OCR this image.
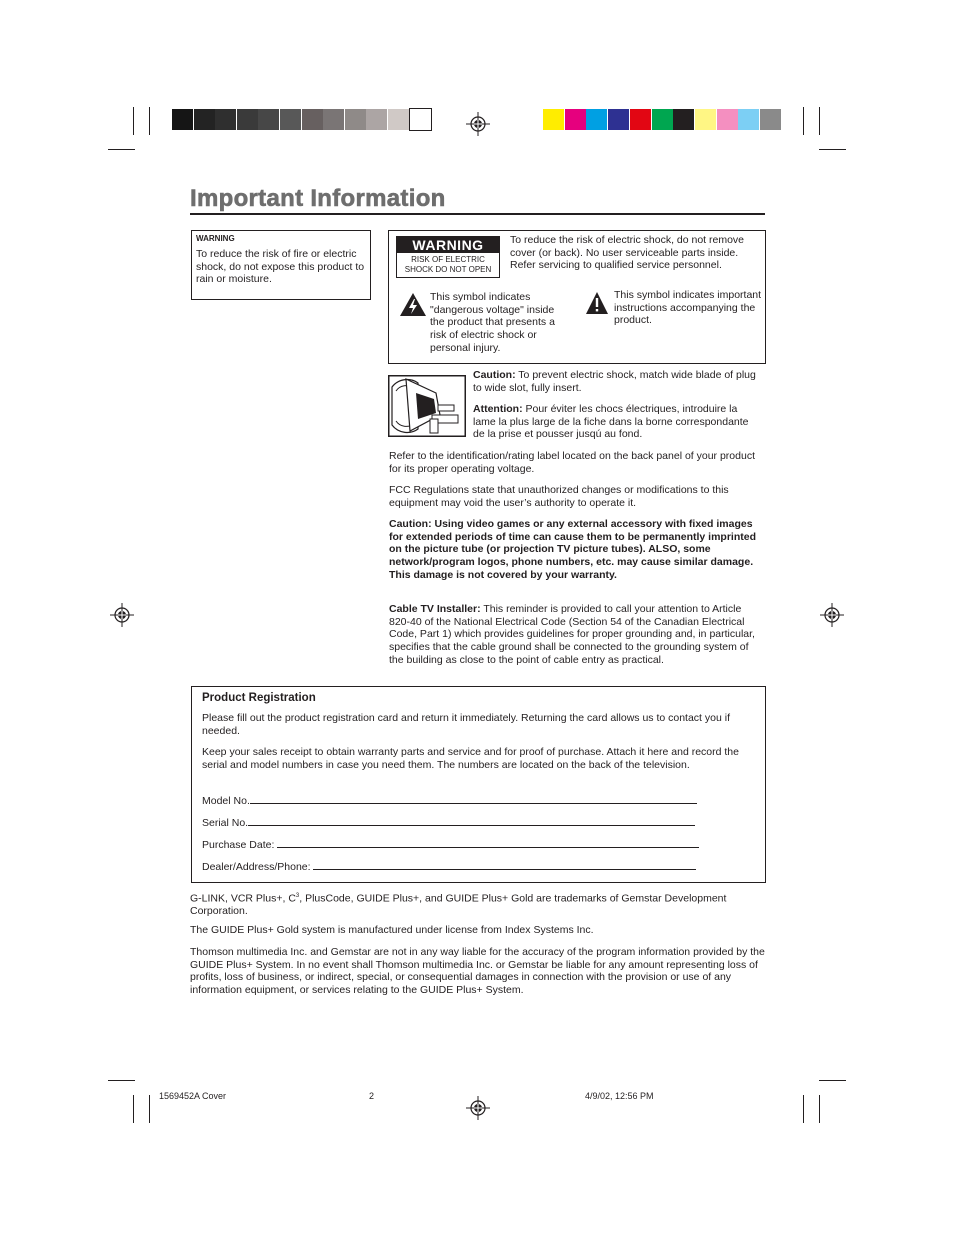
Important Information
WARNING
To reduce the risk of fire or electric shock, do not expose this product to rain or moisture.
WARNING
RISK OF ELECTRIC SHOCK DO NOT OPEN
To reduce the risk of electric shock, do not remove cover (or back). No user serviceable parts inside. Refer servicing to qualified service personnel.
This symbol indicates "dangerous voltage" inside the product that presents a risk of electric shock or personal injury.
This symbol indicates important instructions accompanying the product.
Caution: To prevent electric shock, match wide blade of plug to wide slot, fully insert.
Attention: Pour éviter les chocs électriques, introduire la lame la plus large de la fiche dans la borne correspondante de la prise et pousser jusqú au fond.
Refer to the identification/rating label located on the back panel of your product for its proper operating voltage.
FCC Regulations state that unauthorized changes or modifications to this equipment may void the user’s authority to operate it.
Caution: Using video games or any external accessory with fixed images for extended periods of time can cause them to be permanently imprinted on the picture tube (or projection TV picture tubes). ALSO, some network/program logos, phone numbers, etc. may cause similar damage. This damage is not covered by your warranty.
Cable TV Installer: This reminder is provided to call your attention to Article 820-40 of the National Electrical Code (Section 54 of the Canadian Electrical Code, Part 1) which provides guidelines for proper grounding and, in particular, specifies that the cable ground shall be connected to the grounding system of the building as close to the point of cable entry as practical.
Product Registration
Please fill out the product registration card and return it immediately. Returning the card allows us to contact you if needed.
Keep your sales receipt to obtain warranty parts and service and for proof of purchase. Attach it here and record the serial and model numbers in case you need them. The numbers are located on the back of the television.
Model No.
Serial No.
Purchase Date:
Dealer/Address/Phone:
G-LINK, VCR Plus+, $C^3$, PlusCode, GUIDE Plus+, and GUIDE Plus+ Gold are trademarks of Gemstar Development Corporation.
The GUIDE Plus+ Gold system is manufactured under license from Index Systems Inc.
Thomson multimedia Inc. and Gemstar are not in any way liable for the accuracy of the program information provided by the GUIDE Plus+ System. In no event shall Thomson multimedia Inc. or Gemstar be liable for any amount representing loss of profits, loss of business, or indirect, special, or consequential damages in connection with the provision or use of any information equipment, or services relating to the GUIDE Plus+ System.
1569452A Cover	2	4/9/02, 12:56 PM
